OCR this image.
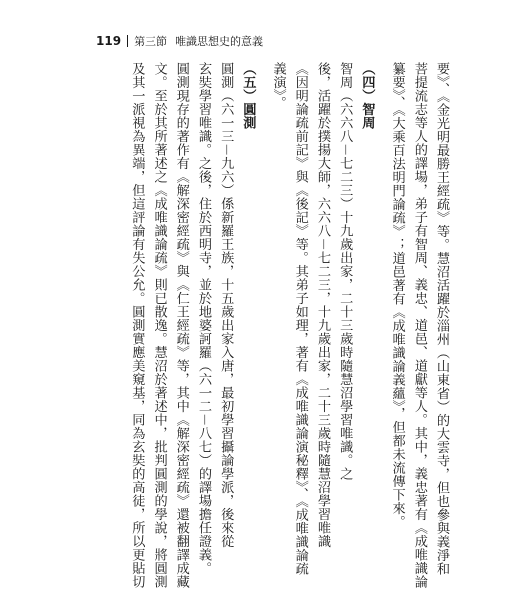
119 第三節 唯識思想史的意義

要》、《金光明最勝王經疏》等。慧沼活躍於淄州（山東省）的大雲寺，但也參與義淨和

菩提流志等人的譯場，弟子有智周、義忠、道邑、道獻等人。其中，義忠著有《成唯識論

纂要》、《大乘百法明門論疏》；道邑著有《成唯識論義蘊》，但都未流傳下來。

（四）智周

智周（六六八－七二三）十九歲出家，二十三歲時隨慧沼學習唯識。之

後，活躍於撲揚大師，六六八－七二三，十九歲出家，二十三歲時隨慧沼學習唯識

《因明論疏前記》與《後記》等。其弟子如理，著有《成唯識論演秘釋》、《成唯識論疏

義演》。

（五）圓測

圓測（六一三－九六）係新羅王族，十五歲出家入唐，最初學習攝論學派，後來從

玄奘學習唯識。之後，住於西明寺，並於地婆訶羅（六一二－八七）的譯場擔任證義。

圓測現存的著作有《解深密經疏》與《仁王經疏》等，其中《解深密經疏》還被翻譯成藏

文。至於其所著述之《成唯識論疏》則已散逸。慧沼於著述中，批判圓測的學說，將圓測

及其一派視為異端，但這評論有失公允。圓測實應美窺基，同為玄奘的高徒，所以更貼切
